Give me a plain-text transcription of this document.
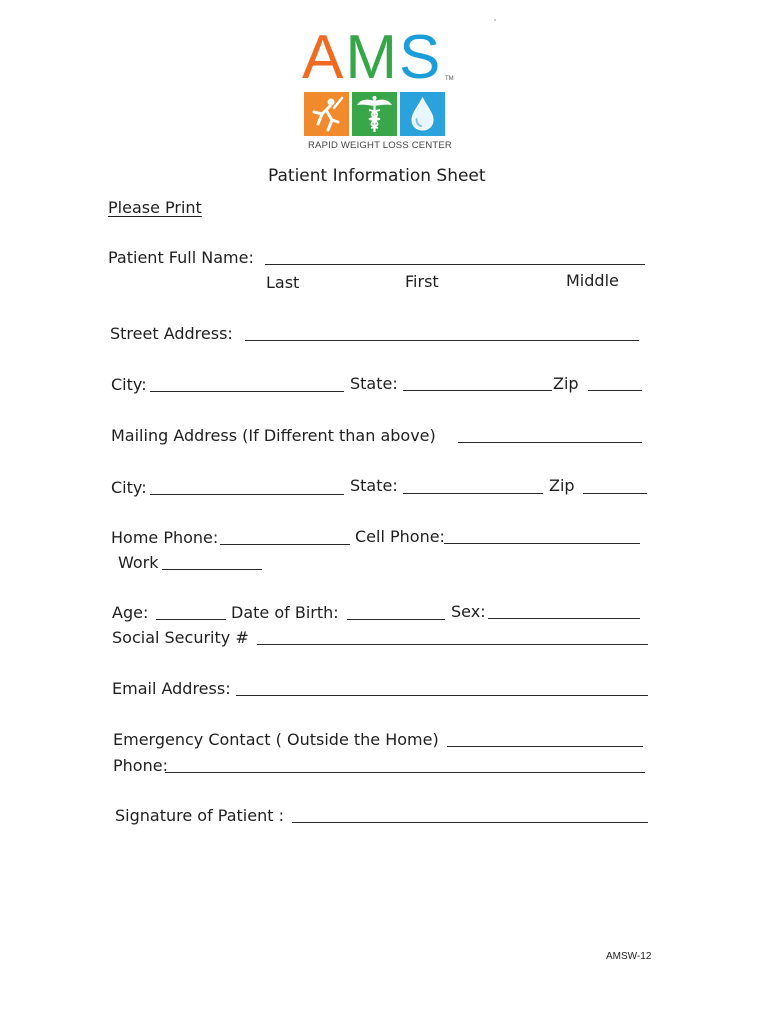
AMS TM
RAPID WEIGHT LOSS CENTER
Patient Information Sheet
Please Print
Patient Full Name:
Last	First	Middle
Street Address:
City:	State:	Zip
Mailing Address (If Different than above)
City:	State:	Zip
Home Phone:	Cell Phone:
Work
Age:	Date of Birth:	Sex:
Social Security #
Email Address:
Emergency Contact ( Outside the Home)
Phone:
Signature of Patient :
AMSW-12
